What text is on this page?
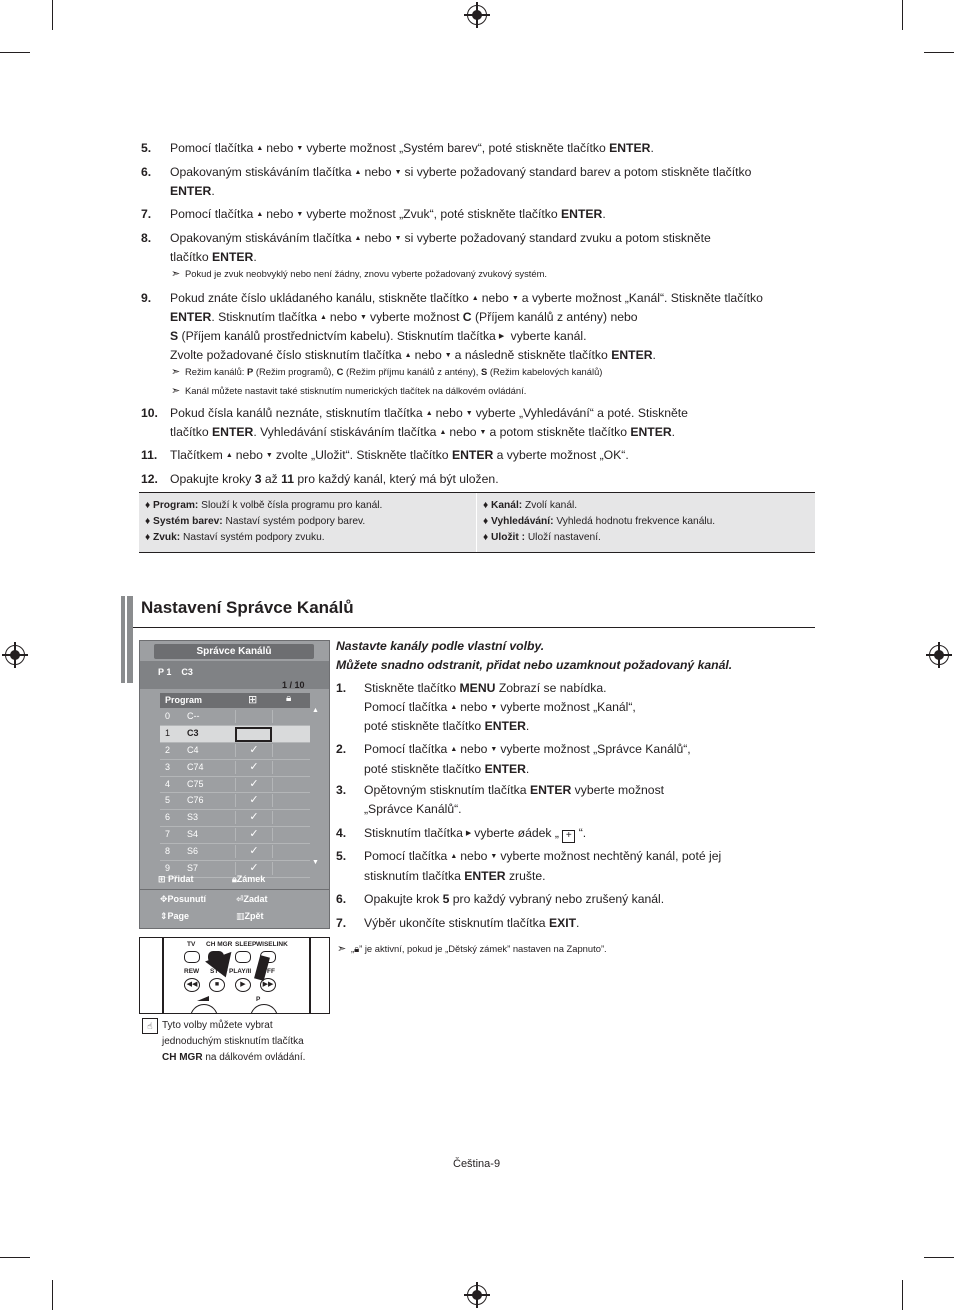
5. Pomocí tlačítka ▲ nebo ▼ vyberte možnost „Systém barev“, poté stiskněte tlačítko ENTER.
6. Opakovaným stiskáváním tlačítka ▲ nebo ▼ si vyberte požadovaný standard barev a potom stiskněte tlačítko
ENTER.
7. Pomocí tlačítka ▲ nebo ▼ vyberte možnost „Zvuk“, poté stiskněte tlačítko ENTER.
8. Opakovaným stiskáváním tlačítka ▲ nebo ▼ si vyberte požadovaný standard zvuku a potom stiskněte
tlačítko ENTER.
➣ Pokud je zvuk neobvyklý nebo není žádny, znovu vyberte požadovaný zvukový systém.
9. Pokud znáte číslo ukládaného kanálu, stiskněte tlačítko ▲ nebo ▼ a vyberte možnost „Kanál“. Stiskněte tlačítko
ENTER. Stisknutím tlačítka ▲ nebo ▼ vyberte možnost C (Příjem kanálů z antény) nebo
S (Příjem kanálů prostřednictvím kabelu). Stisknutím tlačítka ▶ vyberte kanál.
Zvolte požadované číslo stisknutím tlačítka ▲ nebo ▼ a následně stiskněte tlačítko ENTER.
➣ Režim kanálů: P (Režim programů), C (Režim příjmu kanálů z antény), S (Režim kabelových kanálů)
➣ Kanál můžete nastavit také stisknutím numerických tlačítek na dálkovém ovládání.
10. Pokud čísla kanálů neznáte, stisknutím tlačítka ▲ nebo ▼ vyberte „Vyhledávání“ a poté. Stiskněte
tlačítko ENTER. Vyhledávání stiskáváním tlačítka ▲ nebo ▼ a potom stiskněte tlačítko ENTER.
11. Tlačítkem ▲ nebo ▼ zvolte „Uložit“. Stiskněte tlačítko ENTER a vyberte možnost „OK“.
12. Opakujte kroky 3 až 11 pro každý kanál, který má být uložen.
♦ Program: Slouží k volbě čísla programu pro kanál.
♦ Systém barev: Nastaví systém podpory barev.
♦ Zvuk: Nastaví systém podpory zvuku.
♦ Kanál: Zvolí kanál.
♦ Vyhledávání: Vyhledá hodnotu frekvence kanálu.
♦ Uložit : Uloží nastavení.
Nastavení Správce Kanálů
Správce Kanálů
P 1    C3
1 / 10
Program	⊞	🔒︎
0 C--
1 C3
2 C4	✓
3 C74	✓
4 C75	✓
5 C76	✓
6 S3	✓
7 S4	✓
8 S6	✓
9 S7	✓
▲
▼
⊞ Přidat	🔒︎Zámek
✥Posunutí	⏎Zadat
⇕Page	▥Zpět
TV CH MGR SLEEP WISELINK
REW STOP PLAY/II FF
◀◀	■	▶	▶▶
P
☝ Tyto volby můžete vybrat
jednoduchým stisknutím tlačítka
CH MGR na dálkovém ovládání.
Nastavte kanály podle vlastní volby.
Můžete snadno odstranit, přidat nebo uzamknout požadovaný kanál.
1. Stiskněte tlačítko MENU Zobrazí se nabídka.
Pomocí tlačítka ▲ nebo ▼ vyberte možnost „Kanál“,
poté stiskněte tlačítko ENTER.
2. Pomocí tlačítka ▲ nebo ▼ vyberte možnost „Správce Kanálů“,
poté stiskněte tlačítko ENTER.
3. Opětovným stisknutím tlačítka ENTER vyberte možnost
„Správce Kanálů“.
4. Stisknutím tlačítka ▶ vyberte øádek „ + “.
5. Pomocí tlačítka ▲ nebo ▼ vyberte možnost nechtěný kanál, poté jej
stisknutím tlačítka ENTER zrušte.
6. Opakujte krok 5 pro každý vybraný nebo zrušený kanál.
7. Výběr ukončíte stisknutím tlačítka EXIT.
➣ „🔒︎” je aktivní, pokud je „Dětský zámek” nastaven na Zapnuto”.
Čeština-9
